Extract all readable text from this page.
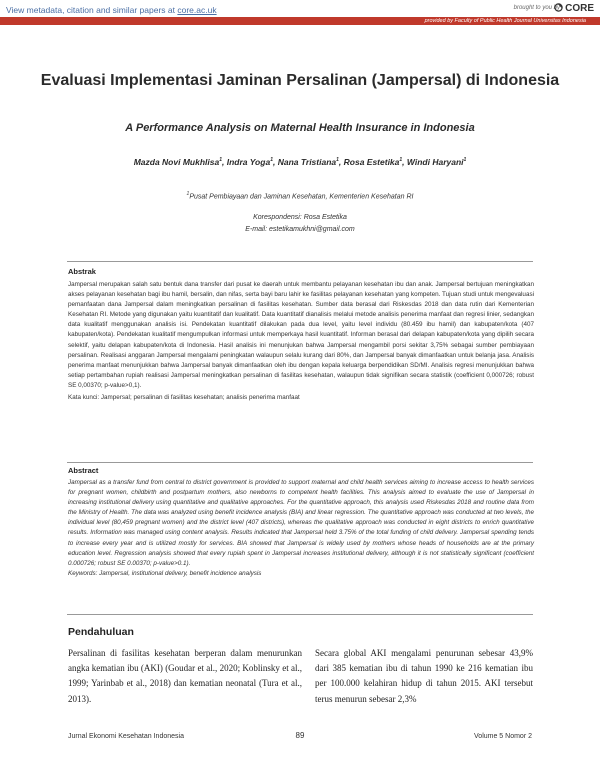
View metadata, citation and similar papers at core.ac.uk	brought to you by CORE
provided by Faculty of Public Health Journal Universitas Indonesia
Evaluasi Implementasi Jaminan Persalinan (Jampersal) di Indonesia
A Performance Analysis on Maternal Health Insurance in Indonesia
Mazda Novi Mukhlisa$^1$, Indra Yoga$^1$, Nana Tristiana$^1$, Rosa Estetika$^1$, Windi Haryani$^1$
$^1$Pusat Pembiayaan dan Jaminan Kesehatan, Kementerien Kesehatan RI
Korespondensi: Rosa Estetika
E-mail: estetikamukhni@gmail.com
Abstrak
Jampersal merupakan salah satu bentuk dana transfer dari pusat ke daerah untuk membantu pelayanan kesehatan ibu dan anak. Jampersal bertujuan meningkatkan akses pelayanan kesehatan bagi ibu hamil, bersalin, dan nifas, serta bayi baru lahir ke fasilitas pelayanan kesehatan yang kompeten. Tujuan studi untuk mengevaluasi pemanfaatan dana Jampersal dalam meningkatkan persalinan di fasilitas kesehatan. Sumber data berasal dari Riskesdas 2018 dan data rutin dari Kementerian Kesehatan RI. Metode yang digunakan yaitu kuantitatif dan kualitatif. Data kuantitatif dianalisis melalui metode analisis penerima manfaat dan regresi linier, sedangkan data kualitatif menggunakan analisis isi. Pendekatan kuantitatif dilakukan pada dua level, yaitu level individu (80.459 ibu hamil) dan kabupaten/kota (407 kabupaten/kota). Pendekatan kualitatif mengumpulkan informasi untuk memperkaya hasil kuantitatif. Informan berasal dari delapan kabupaten/kota yang dipilih secara selektif, yaitu delapan kabupaten/kota di Indonesia. Hasil analisis ini menunjukan bahwa Jampersal mengambil porsi sekitar 3,75% sebagai sumber pembiayaan persalinan. Realisasi anggaran Jampersal mengalami peningkatan walaupun selalu kurang dari 80%, dan Jampersal banyak dimanfaatkan untuk belanja jasa. Analisis penerima manfaat menunjukkan bahwa Jampersal banyak dimanfaatkan oleh ibu dengan kepala keluarga berpendidikan SD/MI. Analisis regresi menunjukkan bahwa setiap pertambahan rupiah realisasi Jampersal meningkatkan persalinan di fasilitas kesehatan, walaupun tidak signifikan secara statistik (coefficient 0,000726; robust SE 0,00370; p-value>0,1).
Kata kunci: Jampersal; persalinan di fasilitas kesehatan; analisis penerima manfaat
Abstract
Jampersal as a transfer fund from central to district government is provided to support maternal and child health services aiming to increase access to health services for pregnant women, childbirth and postpartum mothers, also newborns to competent health facilities. This analysis aimed to evaluate the use of Jampersal in increasing institutional delivery using quantitative and qualitative approaches. For the quantitative approach, this analysis used Riskesdas 2018 and routine data from the Ministry of Health. The data was analyzed using benefit incidence analysis (BIA) and linear regression. The quantitative approach was conducted at two levels, the individual level (80,459 pregnant women) and the district level (407 districts), whereas the qualitative approach was conducted in eight districts to enrich quantitative results. Information was managed using content analysis. Results indicated that Jampersal held 3.75% of the total funding of child delivery. Jampersal spending tends to increase every year and is utilized mostly for services. BIA showed that Jampersal is widely used by mothers whose heads of households are at the primary education level. Regression analysis showed that every rupiah spent in Jampersal increases institutional delivery, although it is not statistically significant (coefficient 0.000726; robust SE 0.00370; p-value>0.1).
Keywords: Jampersal, institutional delivery, benefit incidence analysis
Pendahuluan
Persalinan di fasilitas kesehatan berperan dalam menurunkan angka kematian ibu (AKI) (Goudar et al., 2020; Koblinsky et al., 1999; Yarinbab et al., 2018) dan kematian neonatal (Tura et al., 2013).
Secara global AKI mengalami penurunan sebesar 43,9% dari 385 kematian ibu di tahun 1990 ke 216 kematian ibu per 100.000 kelahiran hidup di tahun 2015. AKI tersebut terus menurun sebesar 2,3%
Jurnal Ekonomi Kesehatan Indonesia	89	Volume 5 Nomor 2
